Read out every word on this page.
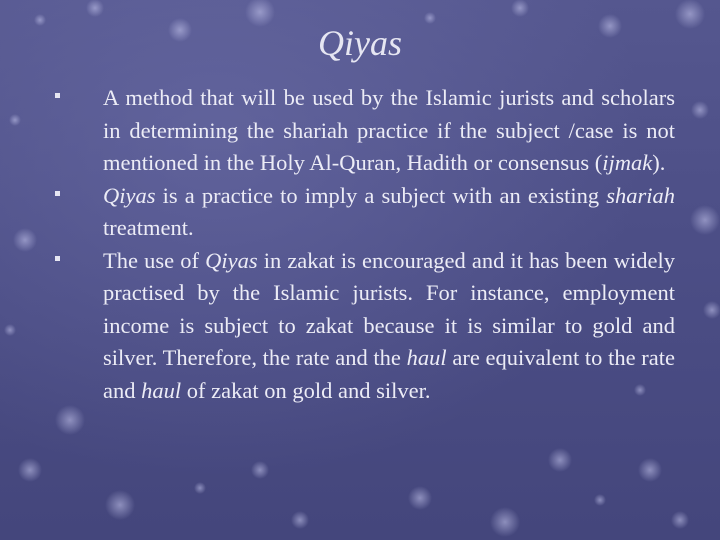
Qiyas

A method that will be used by the Islamic jurists and scholars in determining the shariah practice if the subject /case is not mentioned in the Holy Al-Quran, Hadith or consensus (ijmak).

Qiyas is a practice to imply a subject with an existing shariah treatment.

The use of Qiyas in zakat is encouraged and it has been widely practised by the Islamic jurists. For instance, employment income is subject to zakat because it is similar to gold and silver. Therefore, the rate and the haul are equivalent to the rate and haul of zakat on gold and silver.
